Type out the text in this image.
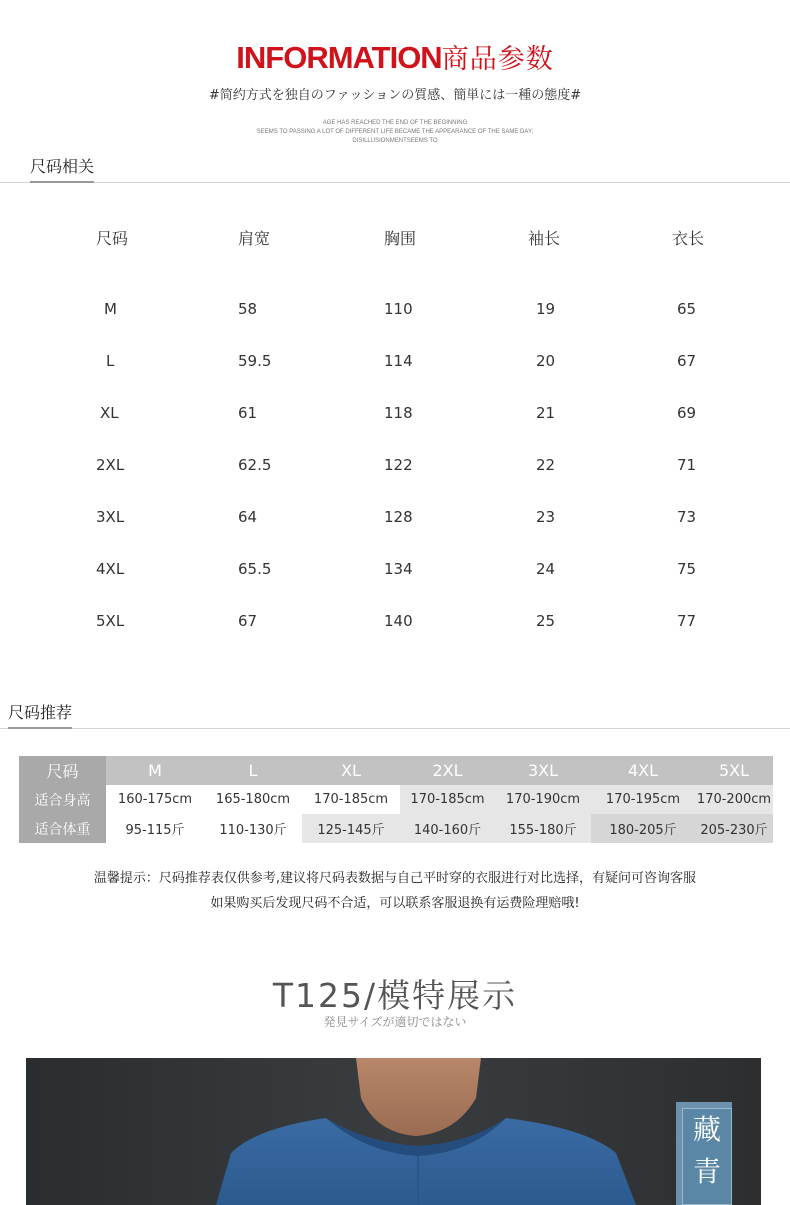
INFORMATION商品参数
#简约方式を独自のファッションの質感、簡単には一種の態度#
AGE HAS REACHED THE END OF THE BEGINNING
SEEMS TO PASSING A LOT OF DIFFERENT LIFE BECAME THE APPEARANCE OF THE SAME DAY;
DISILLUSIONMENTSEEMS TO
尺码相关
尺码	肩宽	胸围	袖长	衣长
M	58	110	19	65
L	59.5	114	20	67
XL	61	118	21	69
2XL	62.5	122	22	71
3XL	64	128	23	73
4XL	65.5	134	24	75
5XL	67	140	25	77
尺码推荐
尺码	M	L	XL	2XL	3XL	4XL	5XL
适合身高	160-175cm	165-180cm	170-185cm	170-185cm	170-190cm	170-195cm	170-200cm
适合体重	95-115斤	110-130斤	125-145斤	140-160斤	155-180斤	180-205斤	205-230斤
温馨提示：尺码推荐表仅供参考,建议将尺码表数据与自己平时穿的衣服进行对比选择，有疑问可咨询客服
如果购买后发现尺码不合适，可以联系客服退换有运费险理赔哦!
T125/模特展示
発見サイズが適切ではない
藏
青
